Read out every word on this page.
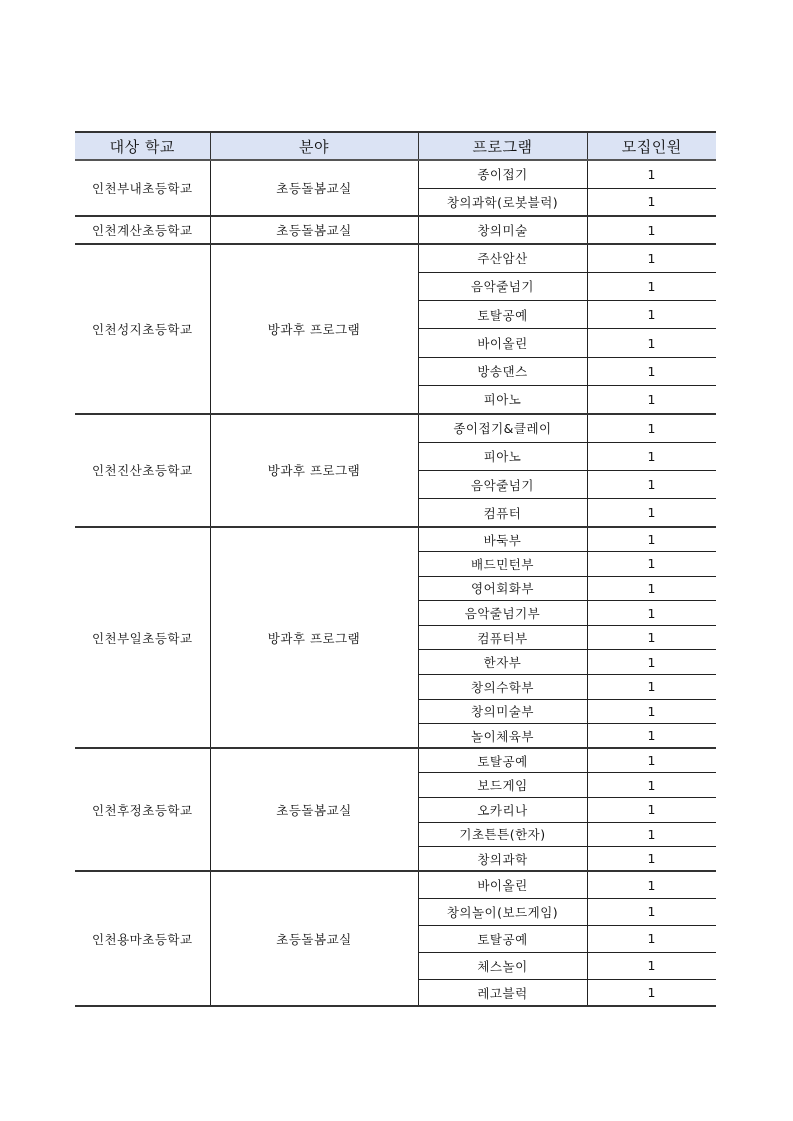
대상 학교	분야	프로그램	모집인원
인천부내초등학교	초등돌봄교실	종이접기	1
		창의과학(로봇블럭)	1
인천계산초등학교	초등돌봄교실	창의미술	1
인천성지초등학교	방과후 프로그램	주산암산	1
		음악줄넘기	1
		토탈공예	1
		바이올린	1
		방송댄스	1
		피아노	1
인천진산초등학교	방과후 프로그램	종이접기&클레이	1
		피아노	1
		음악줄넘기	1
		컴퓨터	1
인천부일초등학교	방과후 프로그램	바둑부	1
		배드민턴부	1
		영어회화부	1
		음악줄넘기부	1
		컴퓨터부	1
		한자부	1
		창의수학부	1
		창의미술부	1
		놀이체육부	1
인천후정초등학교	초등돌봄교실	토탈공예	1
		보드게임	1
		오카리나	1
		기초튼튼(한자)	1
		창의과학	1
인천용마초등학교	초등돌봄교실	바이올린	1
		창의놀이(보드게임)	1
		토탈공예	1
		체스놀이	1
		레고블럭	1
